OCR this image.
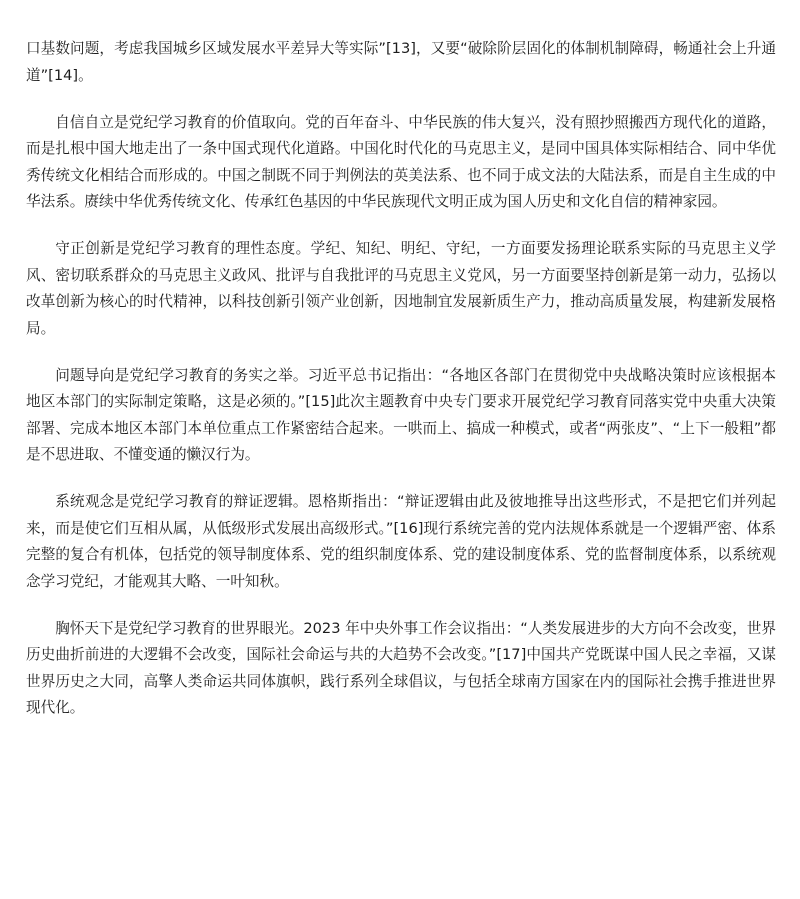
​

口基数问题，考虑我国城乡区域发展水平差异大等实际”[13]，又要“破除阶层固化的体制机制障碍，畅通社会上升通道”[14]。

自信自立是党纪学习教育的价值取向。党的百年奋斗、中华民族的伟大复兴，没有照抄照搬西方现代化的道路，而是扎根中国大地走出了一条中国式现代化道路。中国化时代化的马克思主义，是同中国具体实际相结合、同中华优秀传统文化相结合而形成的。中国之制既不同于判例法的英美法系、也不同于成文法的大陆法系，而是自主生成的中华法系。赓续中华优秀传统文化、传承红色基因的中华民族现代文明正成为国人历史和文化自信的精神家园。

守正创新是党纪学习教育的理性态度。学纪、知纪、明纪、守纪，一方面要发扬理论联系实际的马克思主义学风、密切联系群众的马克思主义政风、批评与自我批评的马克思主义党风，另一方面要坚持创新是第一动力，弘扬以改革创新为核心的时代精神，以科技创新引领产业创新，因地制宜发展新质生产力，推动高质量发展，构建新发展格局。

问题导向是党纪学习教育的务实之举。习近平总书记指出：“各地区各部门在贯彻党中央战略决策时应该根据本地区本部门的实际制定策略，这是必须的。”[15]此次主题教育中央专门要求开展党纪学习教育同落实党中央重大决策部署、完成本地区本部门本单位重点工作紧密结合起来。一哄而上、搞成一种模式，或者“两张皮”、“上下一般粗”都是不思进取、不懂变通的懒汉行为。

系统观念是党纪学习教育的辩证逻辑。恩格斯指出：“辩证逻辑由此及彼地推导出这些形式，不是把它们并列起来，而是使它们互相从属，从低级形式发展出高级形式。”[16]现行系统完善的党内法规体系就是一个逻辑严密、体系完整的复合有机体，包括党的领导制度体系、党的组织制度体系、党的建设制度体系、党的监督制度体系，以系统观念学习党纪，才能观其大略、一叶知秋。

胸怀天下是党纪学习教育的世界眼光。2023 年中央外事工作会议指出：“人类发展进步的大方向不会改变，世界历史曲折前进的大逻辑不会改变，国际社会命运与共的大趋势不会改变。”[17]中国共产党既谋中国人民之幸福，又谋世界历史之大同，高擎人类命运共同体旗帜，践行系列全球倡议，与包括全球南方国家在内的国际社会携手推进世界现代化。
